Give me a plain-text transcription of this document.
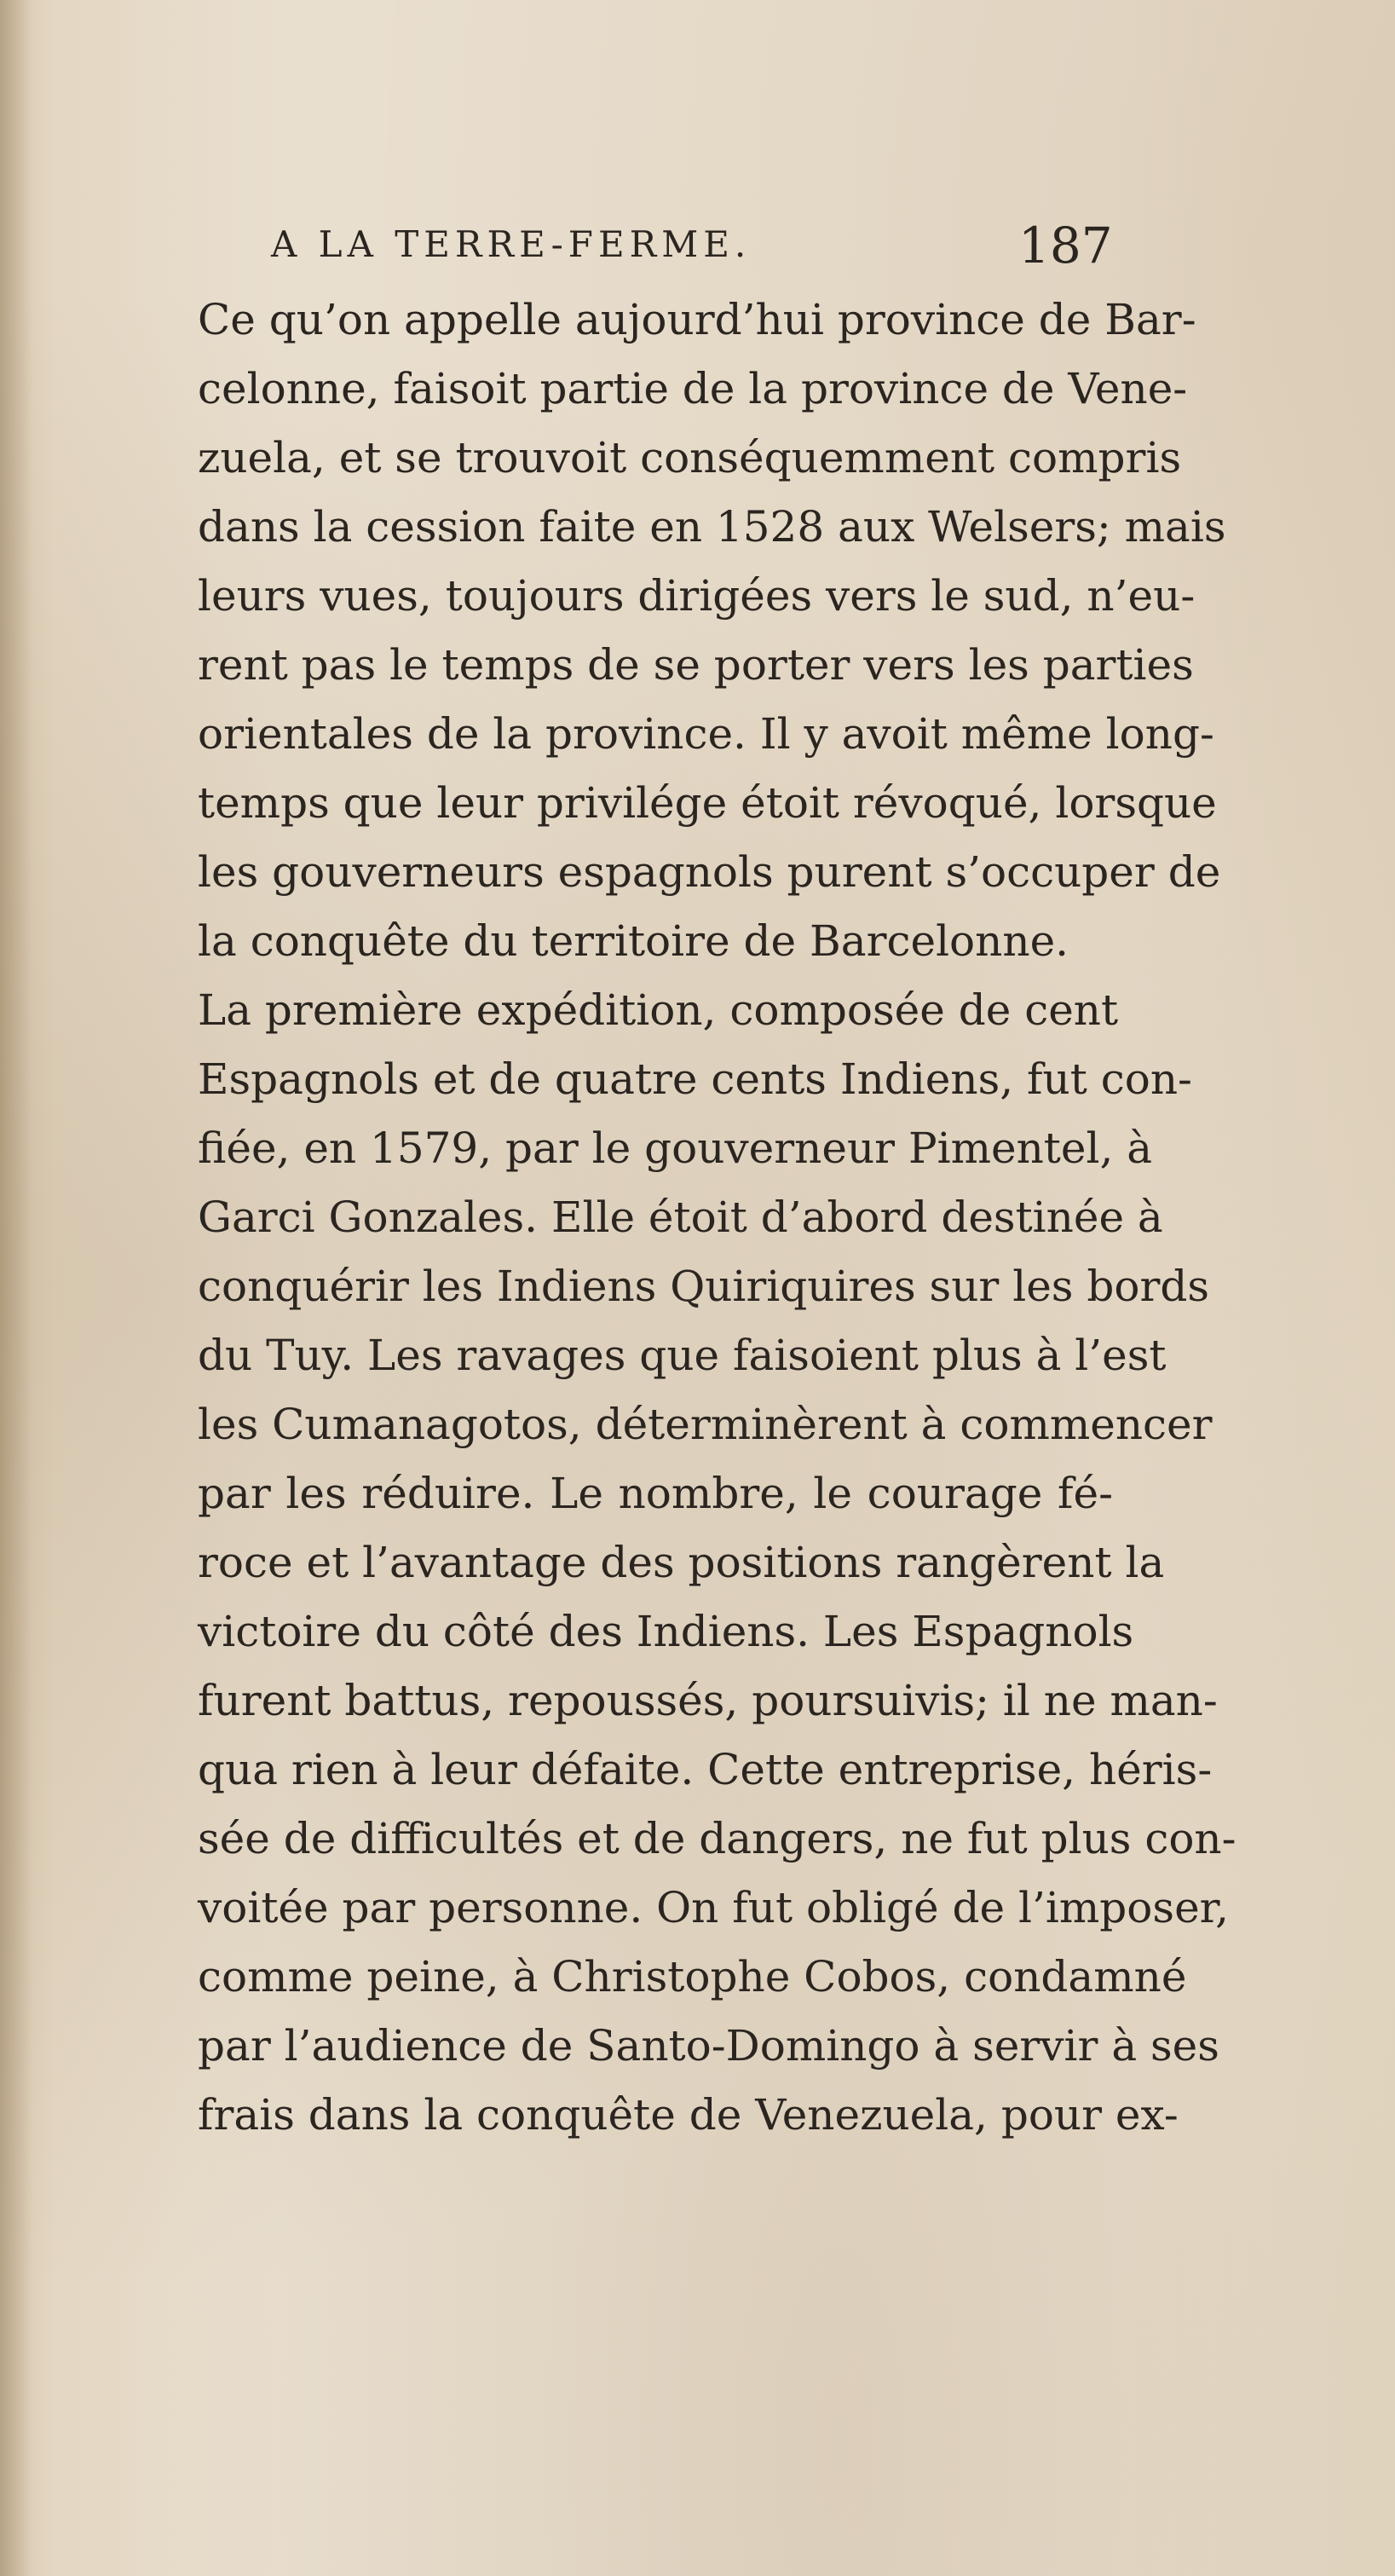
A LA TERRE-FERME.	187
Ce qu’on appelle aujourd’hui province de Bar-
celonne, faisoit partie de la province de Vene-
zuela, et se trouvoit conséquemment compris
dans la cession faite en 1528 aux Welsers; mais
leurs vues, toujours dirigées vers le sud, n’eu-
rent pas le temps de se porter vers les parties
orientales de la province. Il y avoit même long-
temps que leur privilége étoit révoqué, lorsque
les gouverneurs espagnols purent s’occuper de
la conquête du territoire de Barcelonne.
La première expédition, composée de cent
Espagnols et de quatre cents Indiens, fut con-
fiée, en 1579, par le gouverneur Pimentel, à
Garci Gonzales. Elle étoit d’abord destinée à
conquérir les Indiens Quiriquires sur les bords
du Tuy. Les ravages que faisoient plus à l’est
les Cumanagotos, déterminèrent à commencer
par les réduire. Le nombre, le courage fé-
roce et l’avantage des positions rangèrent la
victoire du côté des Indiens. Les Espagnols
furent battus, repoussés, poursuivis; il ne man-
qua rien à leur défaite. Cette entreprise, héris-
sée de difficultés et de dangers, ne fut plus con-
voitée par personne. On fut obligé de l’imposer,
comme peine, à Christophe Cobos, condamné
par l’audience de Santo-Domingo à servir à ses
frais dans la conquête de Venezuela, pour ex-
